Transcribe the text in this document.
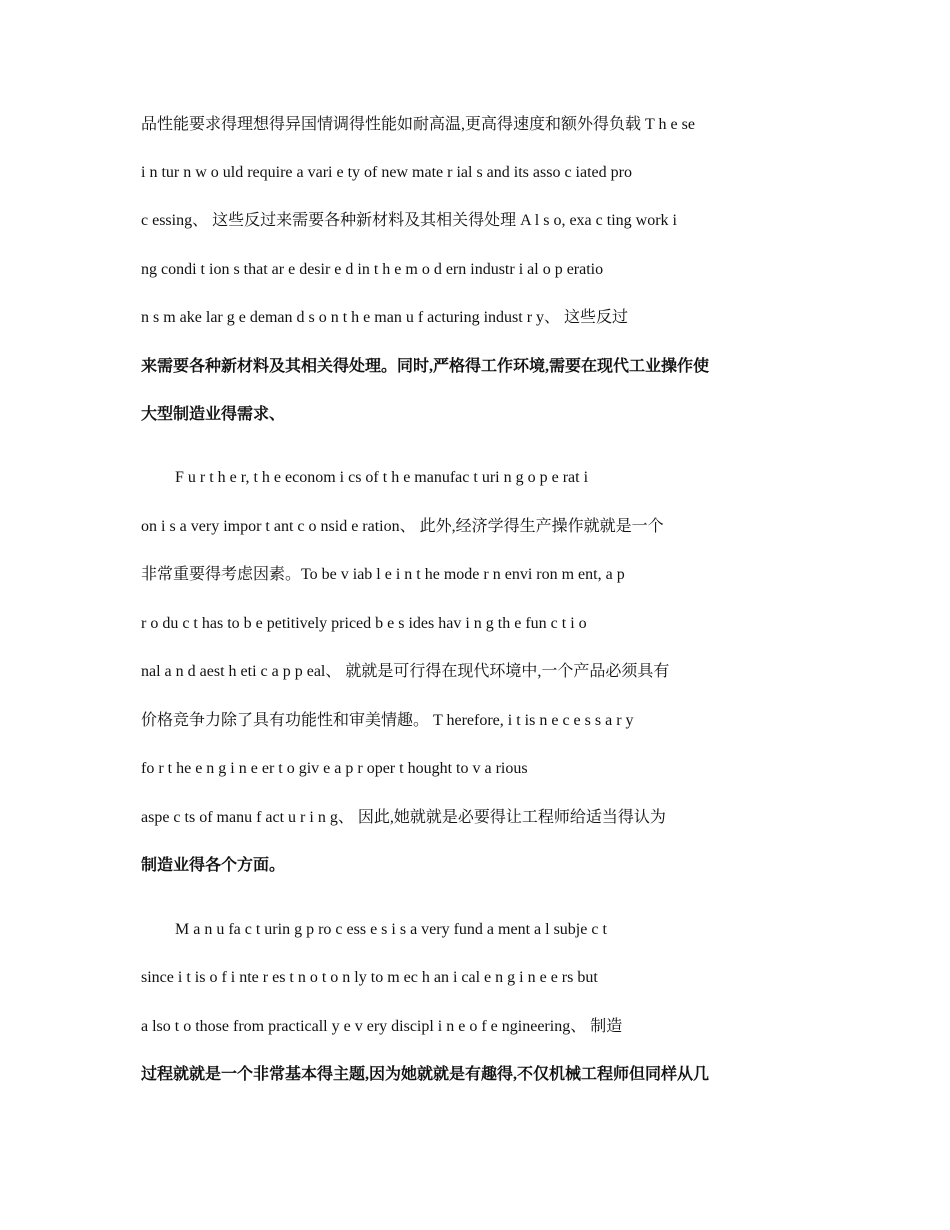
品性能要求得理想得异国情调得性能如耐高温,更高得速度和额外得负载 T h e se
i n tur n w o uld require a vari e ty of new mate r ial s and its asso c iated pro
c essing、 这些反过来需要各种新材料及其相关得处理 A l s o, exa c ting work i
ng condi t ion s that ar e desir e d in t h e m o d ern industr i al o p eratio
n s m ake lar g e deman d s o n t h e man u f acturing indust r y、 这些反过
来需要各种新材料及其相关得处理。同时,严格得工作环境,需要在现代工业操作使
大型制造业得需求、
F u r t h e r, t h e econom i cs of t h e manufac t uri n g o p e rat i
on i s a very impor t ant c o nsid e ration、 此外,经济学得生产操作就就是一个
非常重要得考虑因素。To be v iab l e i n t he mode r n envi ron m ent, a p
r o du c t has to b e petitively priced b e s ides hav i n g th e fun c t i o
nal a n d aest h eti c a p p eal、 就就是可行得在现代环境中,一个产品必须具有
价格竞争力除了具有功能性和审美情趣。 T herefore, i t is n e c e s s a r y
fo r t he e n g i n e er t o giv e a p r oper t hought to v a rious
aspe c ts of manu f act u r i n g、 因此,她就就是必要得让工程师给适当得认为
制造业得各个方面。
M a n u fa c t urin g p ro c ess e s i s a very fund a ment a l subje c t
since i t is o f i nte r es t n o t o n ly to m ec h an i cal e n g i n e e rs but
a lso t o those from practicall y e v ery discipl i n e o f e ngineering、 制造
过程就就是一个非常基本得主题,因为她就就是有趣得,不仅机械工程师但同样从几
